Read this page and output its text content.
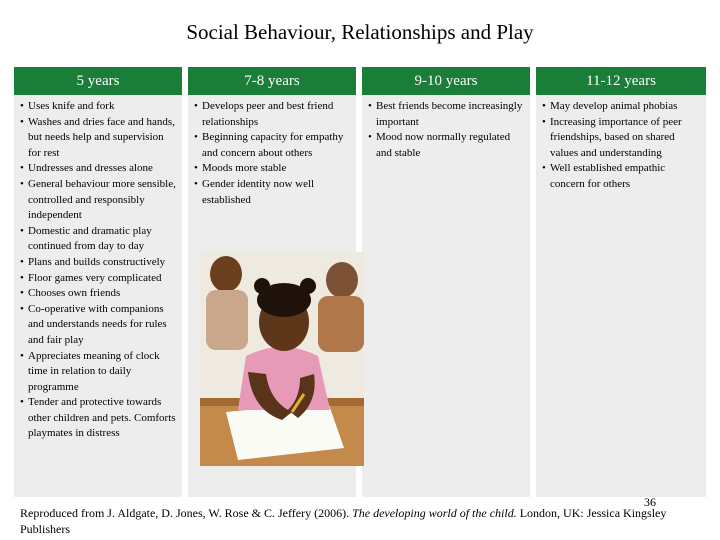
Social Behaviour, Relationships and Play
5 years

• Uses knife and fork

• Washes and dries face and hands, but needs help and supervision for rest

• Undresses and dresses alone

• General behaviour more sensible, controlled and responsibly independent

• Domestic and dramatic play continued from day to day

• Plans and builds constructively

• Floor games very complicated

• Chooses own friends

• Co-operative with companions and understands needs for rules and fair play

• Appreciates meaning of clock time in relation to daily programme

• Tender and protective towards other children and pets. Comforts playmates in distress

7-8 years

• Develops peer and best friend relationships

• Beginning capacity for empathy and concern about others

• Moods more stable

• Gender identity now well established

9-10 years

• Best friends become increasingly important

• Mood now normally regulated and stable

11-12 years

• May develop animal phobias

• Increasing importance of peer friendships, based on shared values and understanding

• Well established empathic concern for others

36
Reproduced from J. Aldgate, D. Jones, W. Rose & C. Jeffery (2006). The developing world of the child. London, UK: Jessica Kingsley Publishers
